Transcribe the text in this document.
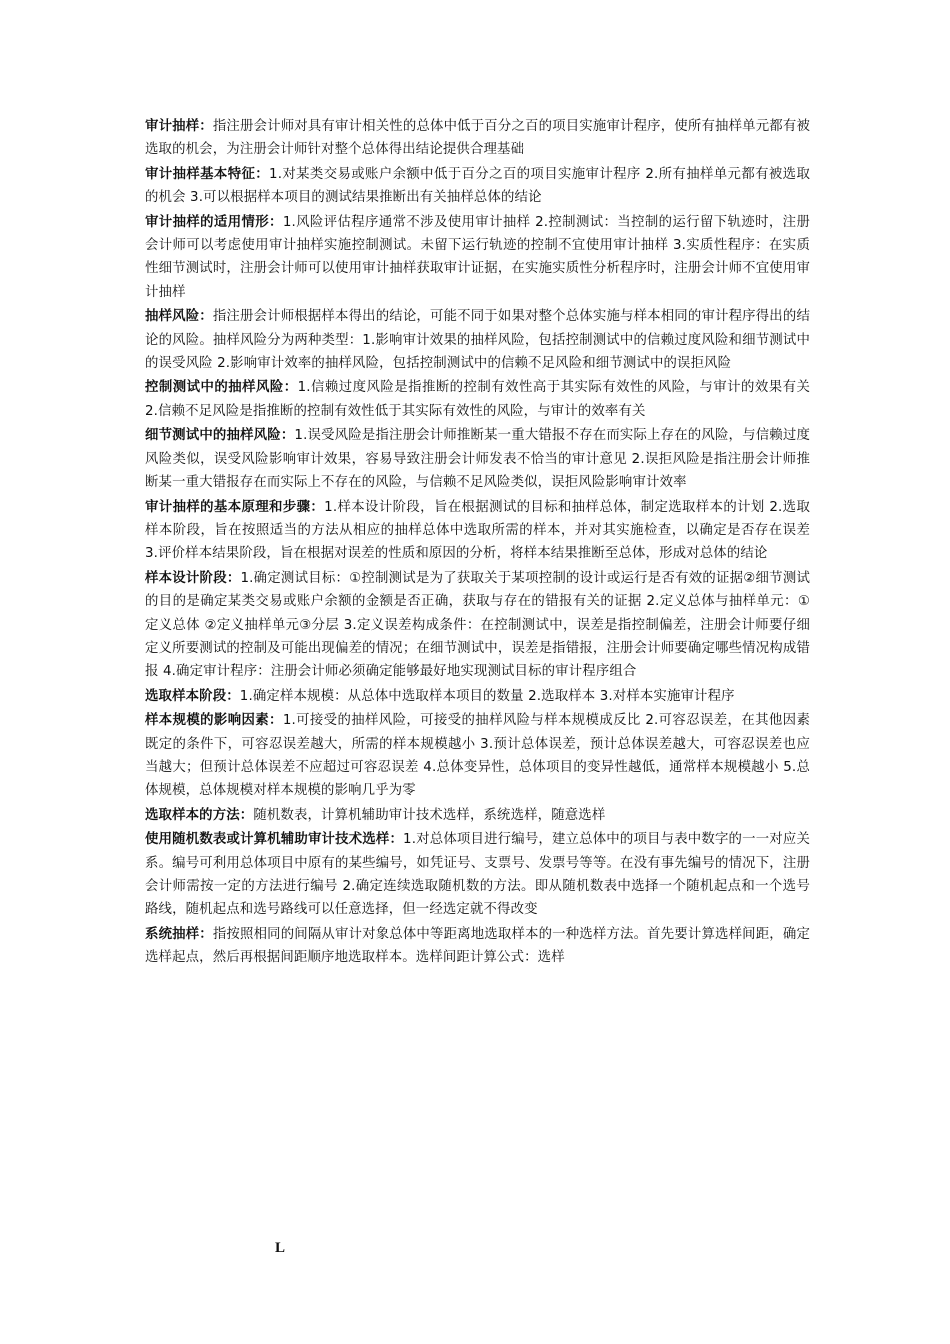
审计抽样：指注册会计师对具有审计相关性的总体中低于百分之百的项目实施审计程序，使所有抽样单元都有被选取的机会，为注册会计师针对整个总体得出结论提供合理基础

审计抽样基本特征：1.对某类交易或账户余额中低于百分之百的项目实施审计程序 2.所有抽样单元都有被选取的机会 3.可以根据样本项目的测试结果推断出有关抽样总体的结论

审计抽样的适用情形：1.风险评估程序通常不涉及使用审计抽样 2.控制测试：当控制的运行留下轨迹时，注册会计师可以考虑使用审计抽样实施控制测试。未留下运行轨迹的控制不宜使用审计抽样 3.实质性程序：在实质性细节测试时，注册会计师可以使用审计抽样获取审计证据，在实施实质性分析程序时，注册会计师不宜使用审计抽样

抽样风险：指注册会计师根据样本得出的结论，可能不同于如果对整个总体实施与样本相同的审计程序得出的结论的风险。抽样风险分为两种类型：1.影响审计效果的抽样风险，包括控制测试中的信赖过度风险和细节测试中的误受风险 2.影响审计效率的抽样风险，包括控制测试中的信赖不足风险和细节测试中的误拒风险

控制测试中的抽样风险：1.信赖过度风险是指推断的控制有效性高于其实际有效性的风险，与审计的效果有关 2.信赖不足风险是指推断的控制有效性低于其实际有效性的风险，与审计的效率有关

细节测试中的抽样风险：1.误受风险是指注册会计师推断某一重大错报不存在而实际上存在的风险，与信赖过度风险类似，误受风险影响审计效果，容易导致注册会计师发表不恰当的审计意见 2.误拒风险是指注册会计师推断某一重大错报存在而实际上不存在的风险，与信赖不足风险类似，误拒风险影响审计效率

审计抽样的基本原理和步骤：1.样本设计阶段，旨在根据测试的目标和抽样总体，制定选取样本的计划 2.选取样本阶段，旨在按照适当的方法从相应的抽样总体中选取所需的样本，并对其实施检查，以确定是否存在误差 3.评价样本结果阶段，旨在根据对误差的性质和原因的分析，将样本结果推断至总体，形成对总体的结论

样本设计阶段：1.确定测试目标：①控制测试是为了获取关于某项控制的设计或运行是否有效的证据②细节测试的目的是确定某类交易或账户余额的金额是否正确，获取与存在的错报有关的证据 2.定义总体与抽样单元：①定义总体 ②定义抽样单元③分层 3.定义误差构成条件：在控制测试中，误差是指控制偏差，注册会计师要仔细定义所要测试的控制及可能出现偏差的情况；在细节测试中，误差是指错报，注册会计师要确定哪些情况构成错报 4.确定审计程序：注册会计师必须确定能够最好地实现测试目标的审计程序组合

选取样本阶段：1.确定样本规模：从总体中选取样本项目的数量 2.选取样本 3.对样本实施审计程序

样本规模的影响因素：1.可接受的抽样风险，可接受的抽样风险与样本规模成反比 2.可容忍误差，在其他因素既定的条件下，可容忍误差越大，所需的样本规模越小 3.预计总体误差，预计总体误差越大，可容忍误差也应当越大；但预计总体误差不应超过可容忍误差 4.总体变异性，总体项目的变异性越低，通常样本规模越小 5.总体规模，总体规模对样本规模的影响几乎为零

选取样本的方法：随机数表，计算机辅助审计技术选样，系统选样，随意选样

使用随机数表或计算机辅助审计技术选样：1.对总体项目进行编号，建立总体中的项目与表中数字的一一对应关系。编号可利用总体项目中原有的某些编号，如凭证号、支票号、发票号等等。在没有事先编号的情况下，注册会计师需按一定的方法进行编号 2.确定连续选取随机数的方法。即从随机数表中选择一个随机起点和一个选号路线，随机起点和选号路线可以任意选择，但一经选定就不得改变

系统抽样：指按照相同的间隔从审计对象总体中等距离地选取样本的一种选样方法。首先要计算选样间距，确定选样起点，然后再根据间距顺序地选取样本。选样间距计算公式：选样

L
